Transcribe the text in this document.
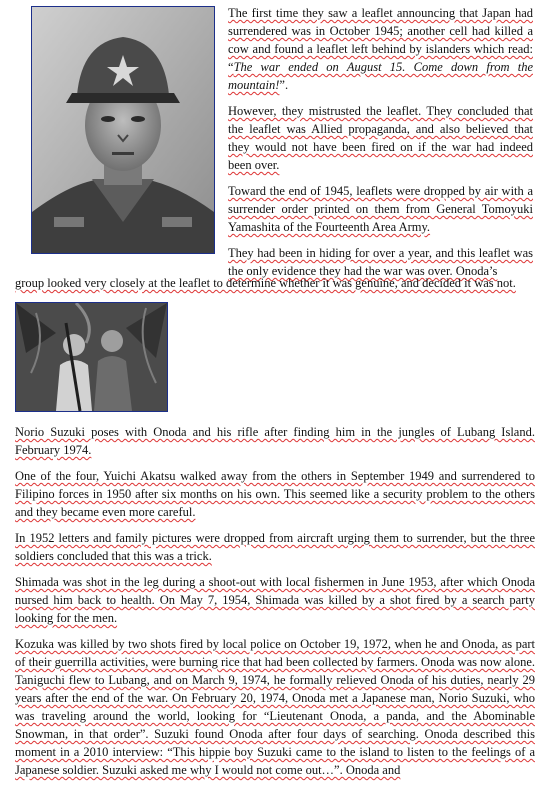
The first time they saw a leaflet announcing that Japan had surrendered was in October 1945; another cell had killed a cow and found a leaflet left behind by islanders which read: “The war ended on August 15. Come down from the mountain!”.

However, they mistrusted the leaflet. They concluded that the leaflet was Allied propaganda, and also believed that they would not have been fired on if the war had indeed been over.

Toward the end of 1945, leaflets were dropped by air with a surrender order printed on them from General Tomoyuki Yamashita of the Fourteenth Area Army.

They had been in hiding for over a year, and this leaflet was the only evidence they had the war was over. Onoda’s

group looked very closely at the leaflet to determine whether it was genuine, and decided it was not.

Norio Suzuki poses with Onoda and his rifle after finding him in the jungles of Lubang Island. February 1974.

One of the four, Yuichi Akatsu walked away from the others in September 1949 and surrendered to Filipino forces in 1950 after six months on his own. This seemed like a security problem to the others and they became even more careful.

In 1952 letters and family pictures were dropped from aircraft urging them to surrender, but the three soldiers concluded that this was a trick.

Shimada was shot in the leg during a shoot-out with local fishermen in June 1953, after which Onoda nursed him back to health. On May 7, 1954, Shimada was killed by a shot fired by a search party looking for the men.

Kozuka was killed by two shots fired by local police on October 19, 1972, when he and Onoda, as part of their guerrilla activities, were burning rice that had been collected by farmers. Onoda was now alone. Taniguchi flew to Lubang, and on March 9, 1974, he formally relieved Onoda of his duties, nearly 29 years after the end of the war. On February 20, 1974, Onoda met a Japanese man, Norio Suzuki, who was traveling around the world, looking for “Lieutenant Onoda, a panda, and the Abominable Snowman, in that order”. Suzuki found Onoda after four days of searching. Onoda described this moment in a 2010 interview: “This hippie boy Suzuki came to the island to listen to the feelings of a Japanese soldier. Suzuki asked me why I would not come out…”. Onoda and
